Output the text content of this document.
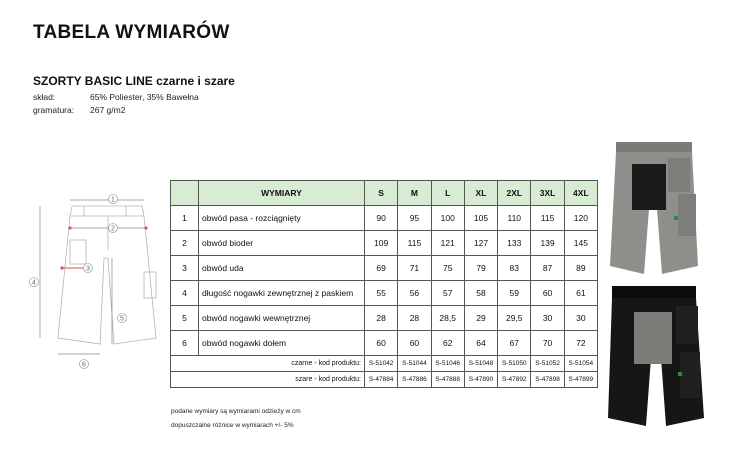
TABELA WYMIARÓW
SZORTY BASIC LINE czarne i szare
skład:	65% Poliester, 35% Bawełna
gramatura: 267 g/m2
1
2
3
4
5
6
	WYMIARY	S	M	L	XL	2XL	3XL	4XL
1	obwód pasa - rozciągnięty	90	95	100	105	110	115	120
2	obwód bioder	109	115	121	127	133	139	145
3	obwód uda	69	71	75	79	83	87	89
4	długość nogawki zewnętrznej z paskiem	55	56	57	58	59	60	61
5	obwód nogawki wewnętrznej	28	28	28,5	29	29,5	30	30
6	obwód nogawki dołem	60	60	62	64	67	70	72
czarne - kod produktu:		S-51042	S-51044	S-51046	S-51048	S-51050	S-51052	S-51054
szare - kod produktu:		S-47884	S-47886	S-47888	S-47890	S-47892	S-47898	S-47899
podane wymiary są wymiarami odzieży w cm
dopuszczalne różnice w wymiarach +/- 5%
